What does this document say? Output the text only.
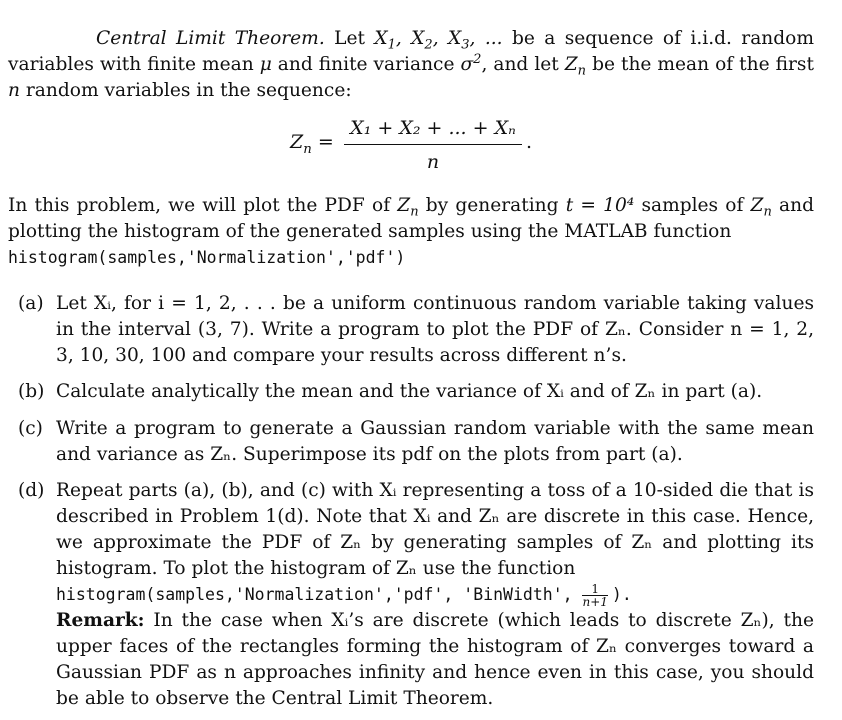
Central Limit Theorem. Let $X_1$, $X_2$, $X_3$, ... be a sequence of i.i.d. random variables with finite mean μ and finite variance $\sigma^2$, and let $Z_n$ be the mean of the first n random variables in the sequence:

$Z_n$ =
X₁ + X₂ + ... + Xₙ
n
.

In this problem, we will plot the PDF of $Z_n$ by generating t = 10⁴ samples of $Z_n$ and plotting the histogram of the generated samples using the MATLAB function
histogram(samples,'Normalization','pdf')

(a) Let Xᵢ, for i = 1, 2, . . . be a uniform continuous random variable taking values in the interval (3, 7). Write a program to plot the PDF of Zₙ. Consider n = 1, 2, 3, 10, 30, 100 and compare your results across different n’s.
(b) Calculate analytically the mean and the variance of Xᵢ and of Zₙ in part (a).
(c) Write a program to generate a Gaussian random variable with the same mean and variance as Zₙ. Superimpose its pdf on the plots from part (a).
(d) Repeat parts (a), (b), and (c) with Xᵢ representing a toss of a 10-sided die that is described in Problem 1(d). Note that Xᵢ and Zₙ are discrete in this case. Hence, we approximate the PDF of Zₙ by generating samples of Zₙ and plotting its histogram. To plot the histogram of Zₙ use the function
histogram(samples,'Normalization','pdf', 'BinWidth', $\frac{1}{n+1}$ ).
Remark: In the case when Xᵢ’s are discrete (which leads to discrete Zₙ), the upper faces of the rectangles forming the histogram of Zₙ converges toward a Gaussian PDF as n approaches infinity and hence even in this case, you should be able to observe the Central Limit Theorem.
